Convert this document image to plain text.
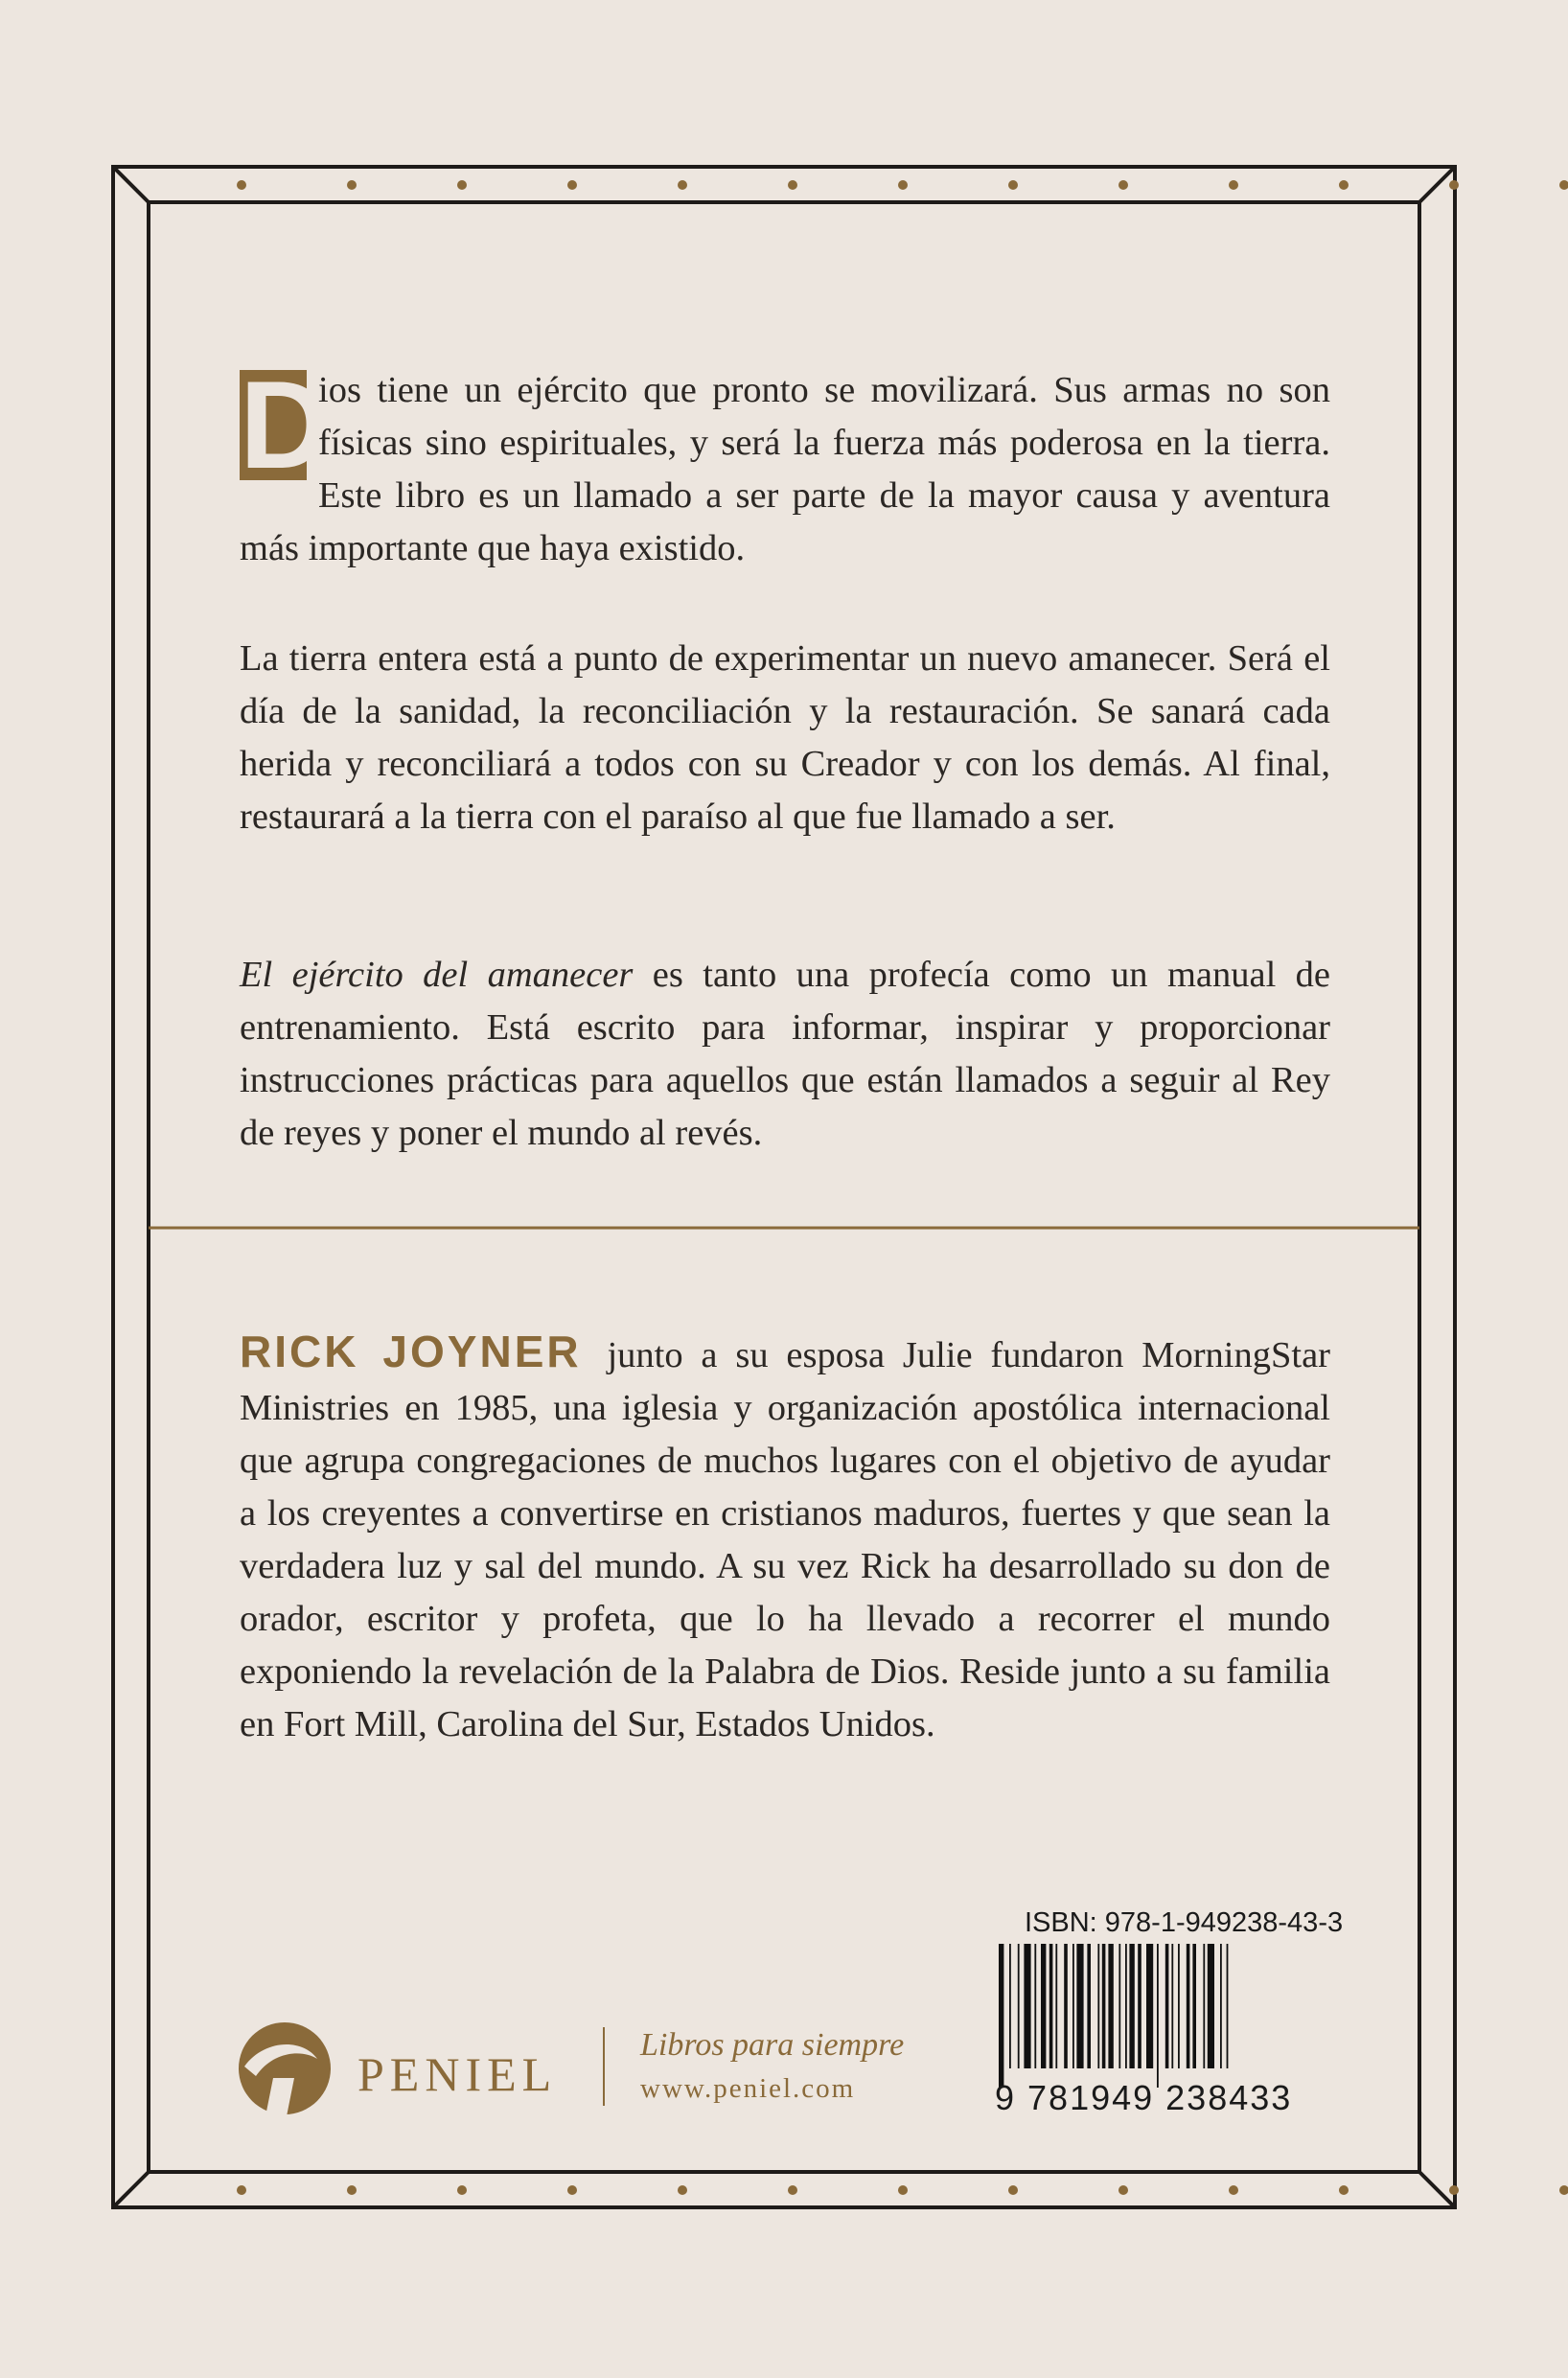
D
ios tiene un ejército que pronto se movilizará. Sus armas no son físicas sino espirituales, y será la fuerza más poderosa en la tierra. Este libro es un llamado a ser parte de la mayor causa y aventura más importante que haya existido.
La tierra entera está a punto de experimentar un nuevo amanecer. Será el día de la sanidad, la reconciliación y la restauración. Se sanará cada herida y reconciliará a todos con su Creador y con los demás. Al final, restaurará a la tierra con el paraíso al que fue llamado a ser.
El ejército del amanecer es tanto una profecía como un manual de entrenamiento. Está escrito para informar, inspirar y proporcionar instrucciones prácticas para aquellos que están llamados a seguir al Rey de reyes y poner el mundo al revés.
RICK JOYNER junto a su esposa Julie fundaron MorningStar Ministries en 1985, una iglesia y organización apostólica internacional que agrupa congregaciones de muchos lugares con el objetivo de ayudar a los creyentes a convertirse en cristianos maduros, fuertes y que sean la verdadera luz y sal del mundo. A su vez Rick ha desarrollado su don de orador, escritor y profeta, que lo ha llevado a recorrer el mundo exponiendo la revelación de la Palabra de Dios. Reside junto a su familia en Fort Mill, Carolina del Sur, Estados Unidos.
PENIEL
Libros para siempre
www.peniel.com
ISBN: 978-1-949238-43-3
9 781949 238433
